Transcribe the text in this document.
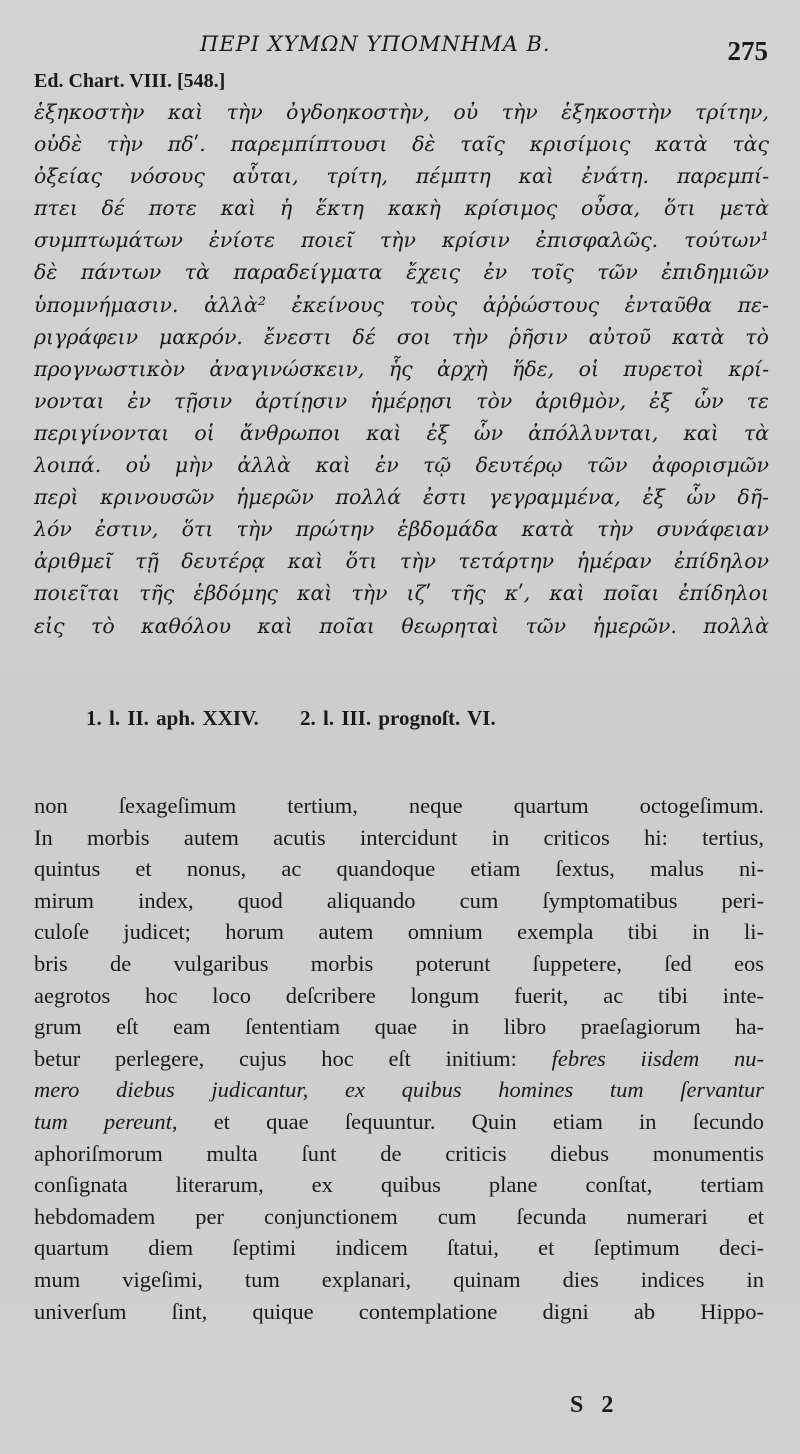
ΠΕΡΙ ΧΥΜΩΝ ΥΠΟΜΝΗΜΑ Β.	275
Ed. Chart. VIII. [548.]
ἑξηκοστὴν καὶ τὴν ὀγδοηκοστὴν, οὐ τὴν ἑξηκοστὴν τρίτην,
οὐδὲ τὴν πδʹ. παρεμπίπτουσι δὲ ταῖς κρισίμοις κατὰ τὰς
ὀξείας νόσους αὗται, τρίτη, πέμπτη καὶ ἐνάτη. παρεμπί-
πτει δέ ποτε καὶ ἡ ἕκτη κακὴ κρίσιμος οὖσα, ὅτι μετὰ
συμπτωμάτων ἐνίοτε ποιεῖ τὴν κρίσιν ἐπισφαλῶς. τούτων¹
δὲ πάντων τὰ παραδείγματα ἔχεις ἐν τοῖς τῶν ἐπιδημιῶν
ὑπομνήμασιν. ἀλλὰ² ἐκείνους τοὺς ἀῤῥώστους ἐνταῦθα πε-
ριγράφειν μακρόν. ἔνεστι δέ σοι τὴν ῥῆσιν αὐτοῦ κατὰ τὸ
προγνωστικὸν ἀναγινώσκειν, ἧς ἀρχὴ ἥδε, οἱ πυρετοὶ κρί-
νονται ἐν τῇσιν ἀρτίῃσιν ἡμέρῃσι τὸν ἀριθμὸν, ἐξ ὧν τε
περιγίνονται οἱ ἄνθρωποι καὶ ἐξ ὧν ἀπόλλυνται, καὶ τὰ
λοιπά. οὐ μὴν ἀλλὰ καὶ ἐν τῷ δευτέρῳ τῶν ἀφορισμῶν
περὶ κρινουσῶν ἡμερῶν πολλά ἐστι γεγραμμένα, ἐξ ὧν δῆ-
λόν ἐστιν, ὅτι τὴν πρώτην ἑβδομάδα κατὰ τὴν συνάφειαν
ἀριθμεῖ τῇ δευτέρᾳ καὶ ὅτι τὴν τετάρτην ἡμέραν ἐπίδηλον
ποιεῖται τῆς ἑβδόμης καὶ τὴν ιζʹ τῆς κʹ, καὶ ποῖαι ἐπίδηλοι
εἰς τὸ καθόλου καὶ ποῖαι θεωρηταὶ τῶν ἡμερῶν. πολλὰ
1. l. II. aph. XXIV. 2. l. III. prognoſt. VI.
non ſexageſimum tertium, neque quartum octogeſimum.
In morbis autem acutis intercidunt in criticos hi: tertius,
quintus et nonus, ac quandoque etiam ſextus, malus ni-
mirum index, quod aliquando cum ſymptomatibus peri-
culoſe judicet; horum autem omnium exempla tibi in li-
bris de vulgaribus morbis poterunt ſuppetere, ſed eos
aegrotos hoc loco deſcribere longum fuerit, ac tibi inte-
grum eſt eam ſententiam quae in libro praeſagiorum ha-
betur perlegere, cujus hoc eſt initium: febres iisdem nu-
mero diebus judicantur, ex quibus homines tum ſervantur
tum pereunt, et quae ſequuntur. Quin etiam in ſecundo
aphoriſmorum multa ſunt de criticis diebus monumentis
conſignata literarum, ex quibus plane conſtat, tertiam
hebdomadem per conjunctionem cum ſecunda numerari et
quartum diem ſeptimi indicem ſtatui, et ſeptimum deci-
mum vigeſimi, tum explanari, quinam dies indices in
univerſum ſint, quique contemplatione digni ab Hippo-
S 2
